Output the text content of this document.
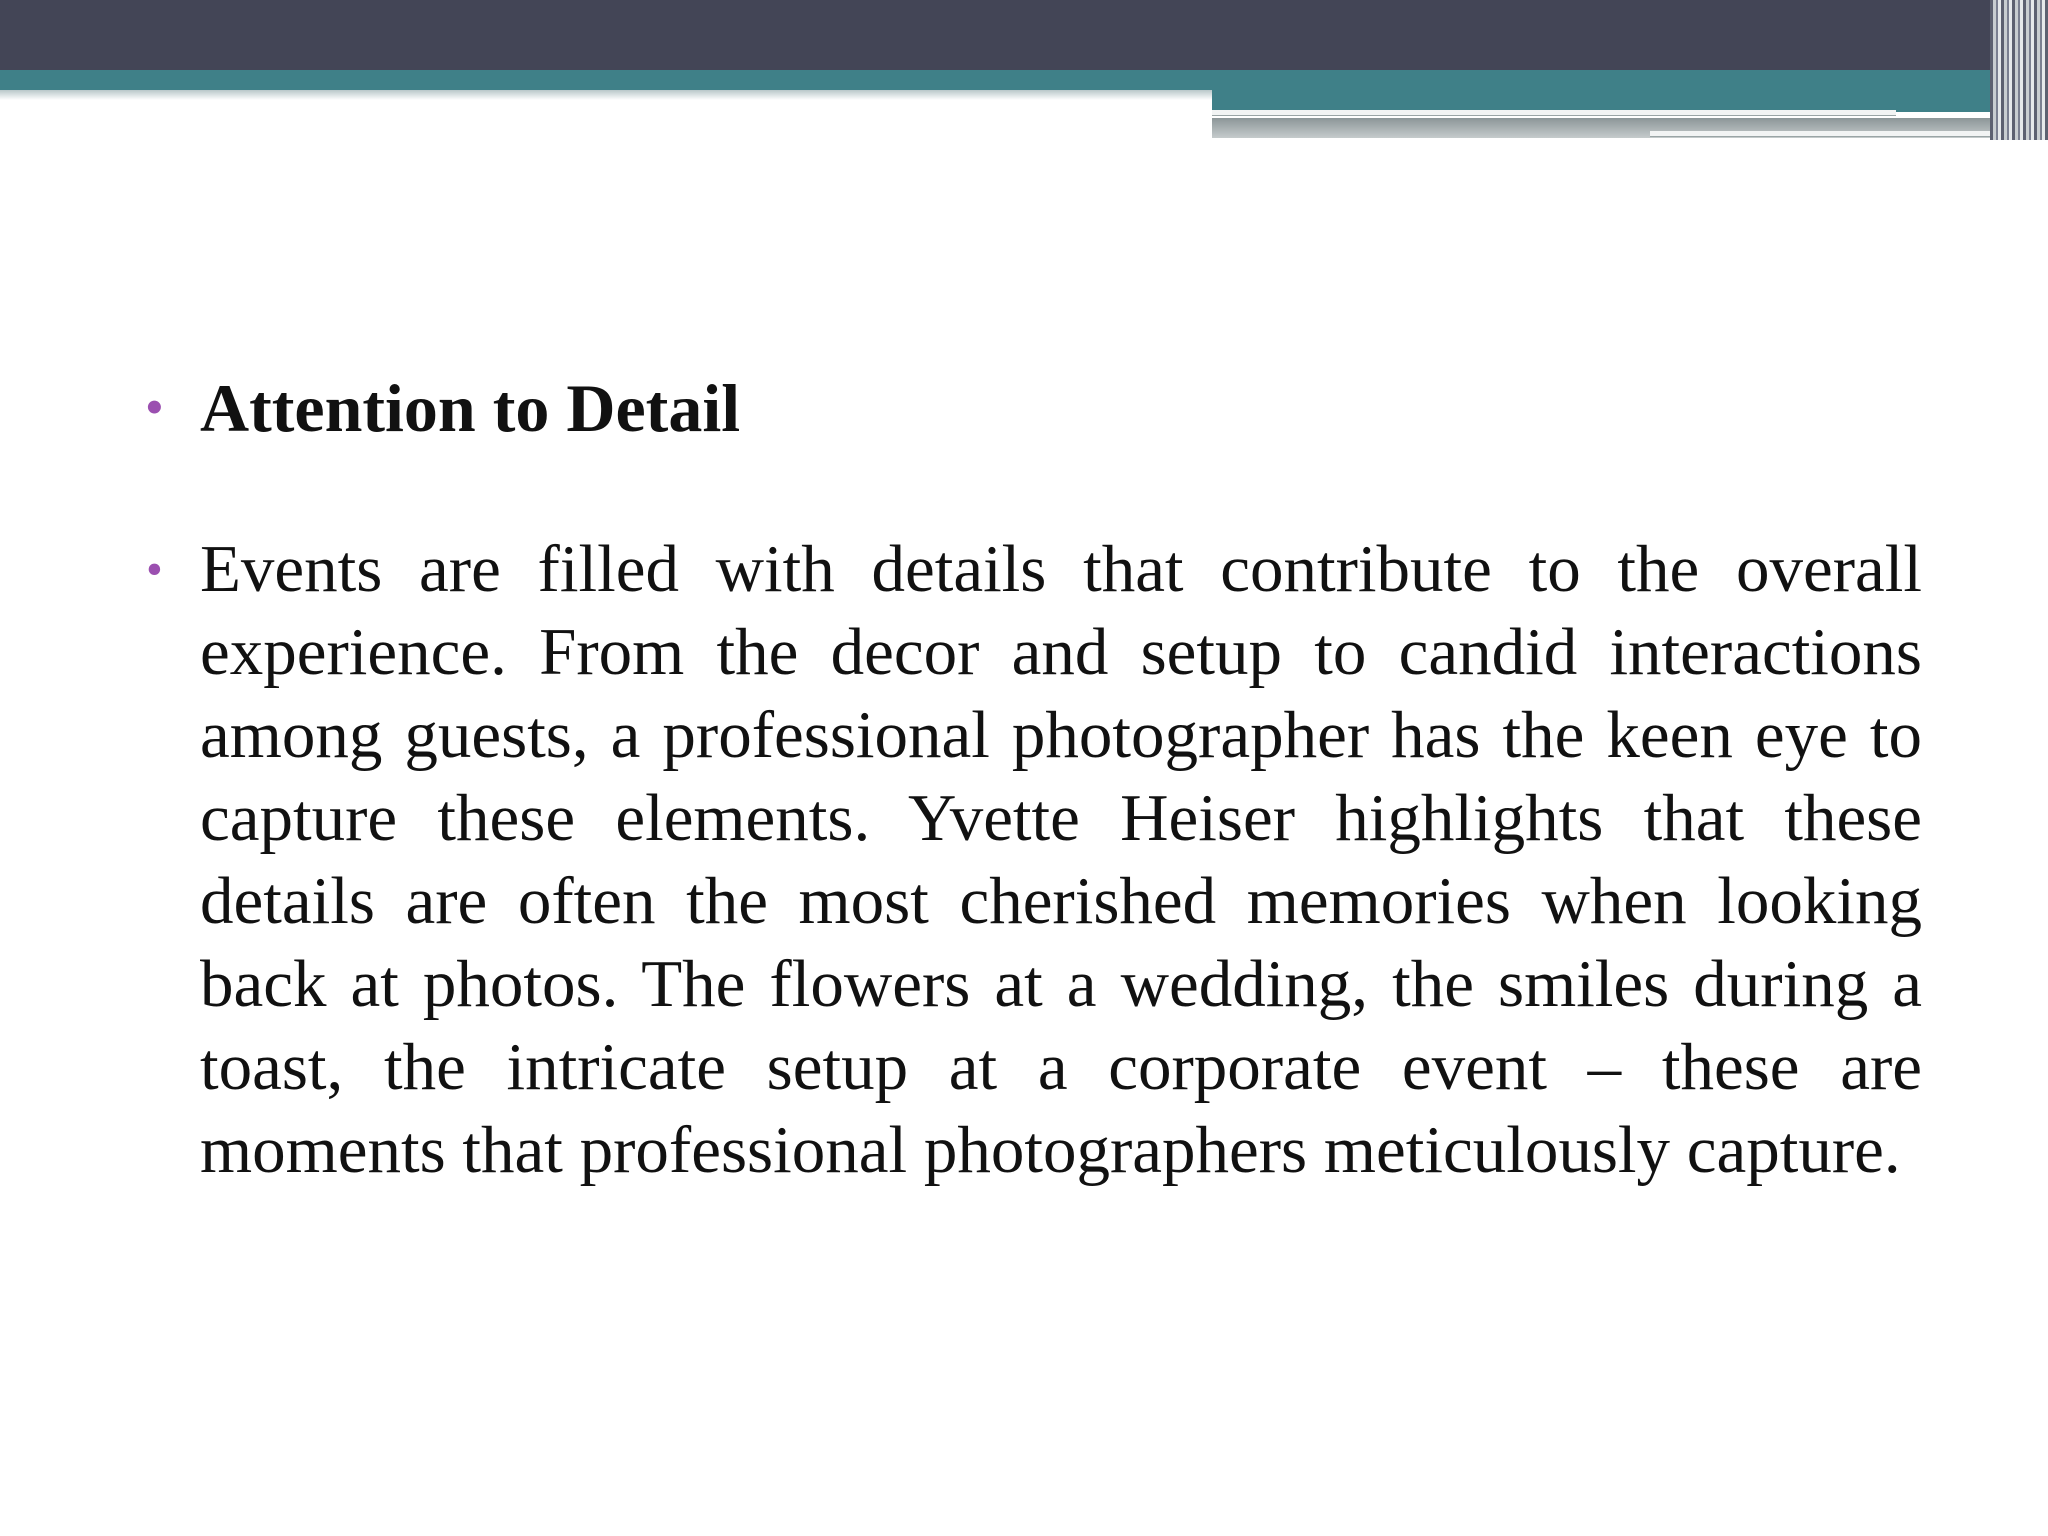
• Attention to Detail
• Events are filled with details that contribute to the overall experience. From the decor and setup to candid interactions among guests, a professional photographer has the keen eye to capture these elements. Yvette Heiser highlights that these details are often the most cherished memories when looking back at photos. The flowers at a wedding, the smiles during a toast, the intricate setup at a corporate event – these are moments that professional photographers meticulously capture.
